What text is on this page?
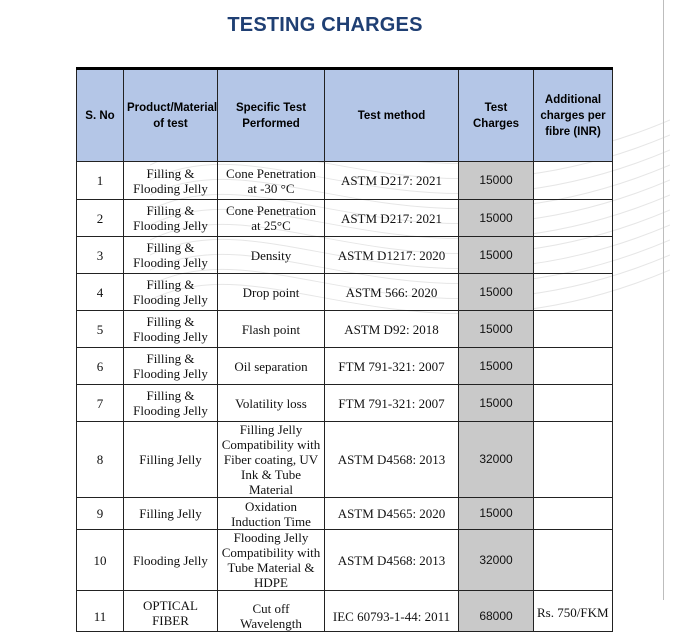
TESTING CHARGES
S. No	Product/Material of test	Specific Test Performed	Test method	Test Charges	Additional charges per fibre (INR)
1	Filling & Flooding Jelly	Cone Penetration at -30 °C	ASTM D217: 2021	15000	
2	Filling & Flooding Jelly	Cone Penetration at 25°C	ASTM D217: 2021	15000	
3	Filling & Flooding Jelly	Density	ASTM D1217: 2020	15000	
4	Filling & Flooding Jelly	Drop point	ASTM 566: 2020	15000	
5	Filling & Flooding Jelly	Flash point	ASTM D92: 2018	15000	
6	Filling & Flooding Jelly	Oil separation	FTM 791-321: 2007	15000	
7	Filling & Flooding Jelly	Volatility loss	FTM 791-321: 2007	15000	
8	Filling Jelly	Filling Jelly Compatibility with Fiber coating, UV Ink & Tube Material	ASTM D4568: 2013	32000	
9	Filling Jelly	Oxidation Induction Time	ASTM D4565: 2020	15000	
10	Flooding Jelly	Flooding Jelly Compatibility with Tube Material & HDPE	ASTM D4568: 2013	32000	
11	OPTICAL FIBER	Cut off Wavelength	IEC 60793-1-44: 2011	68000	Rs. 750/FKM
